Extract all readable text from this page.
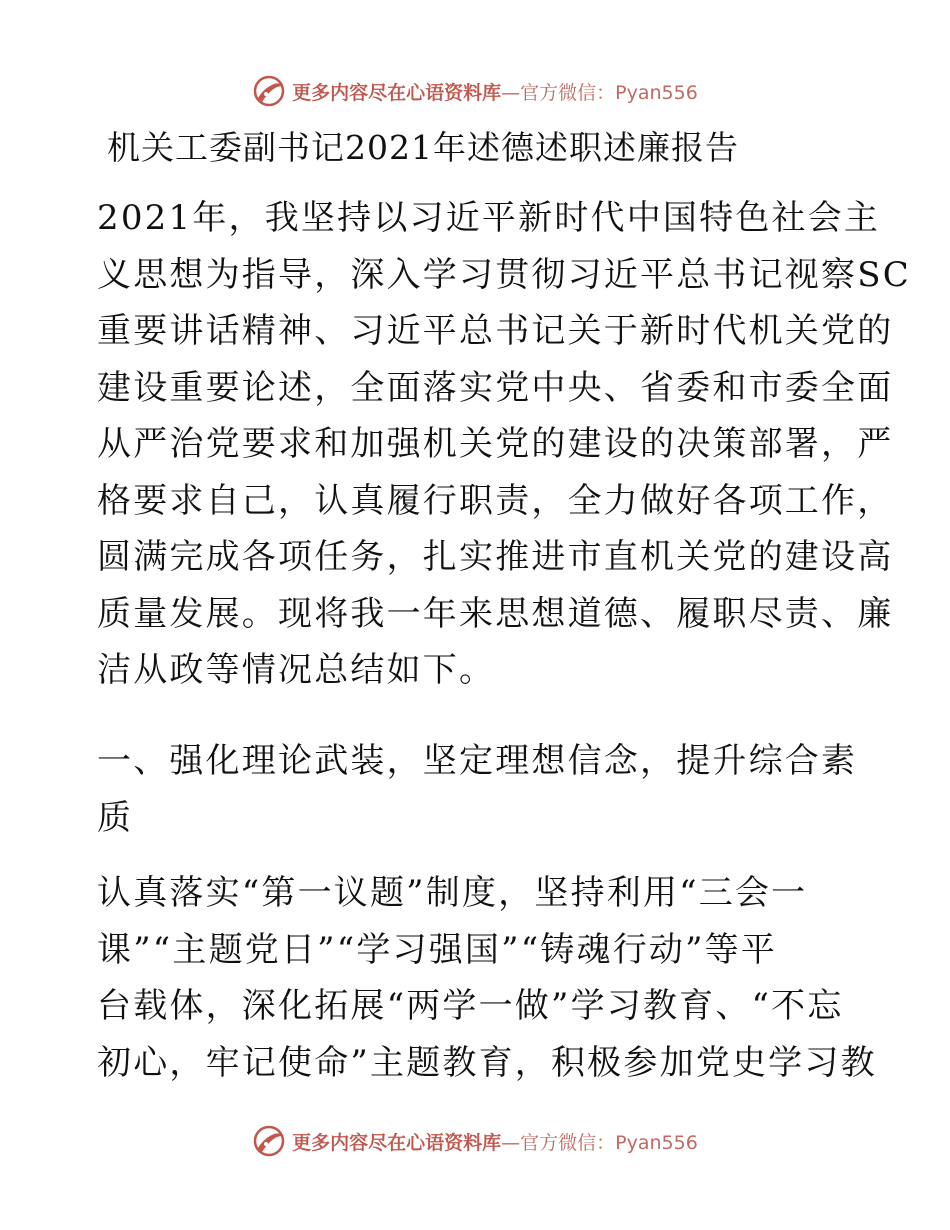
更多内容尽在心语资料库—官方微信：Pyan556
机关工委副书记2021年述德述职述廉报告
2021年，我坚持以习近平新时代中国特色社会主
义思想为指导，深入学习贯彻习近平总书记视察SC
重要讲话精神、习近平总书记关于新时代机关党的
建设重要论述，全面落实党中央、省委和市委全面
从严治党要求和加强机关党的建设的决策部署，严
格要求自己，认真履行职责，全力做好各项工作，
圆满完成各项任务，扎实推进市直机关党的建设高
质量发展。现将我一年来思想道德、履职尽责、廉
洁从政等情况总结如下。
一、强化理论武装，坚定理想信念，提升综合素
质
认真落实“第一议题”制度，坚持利用“三会一
课”“主题党日”“学习强国”“铸魂行动”等平
台载体，深化拓展“两学一做”学习教育、“不忘
初心，牢记使命”主题教育，积极参加党史学习教
更多内容尽在心语资料库—官方微信：Pyan556
